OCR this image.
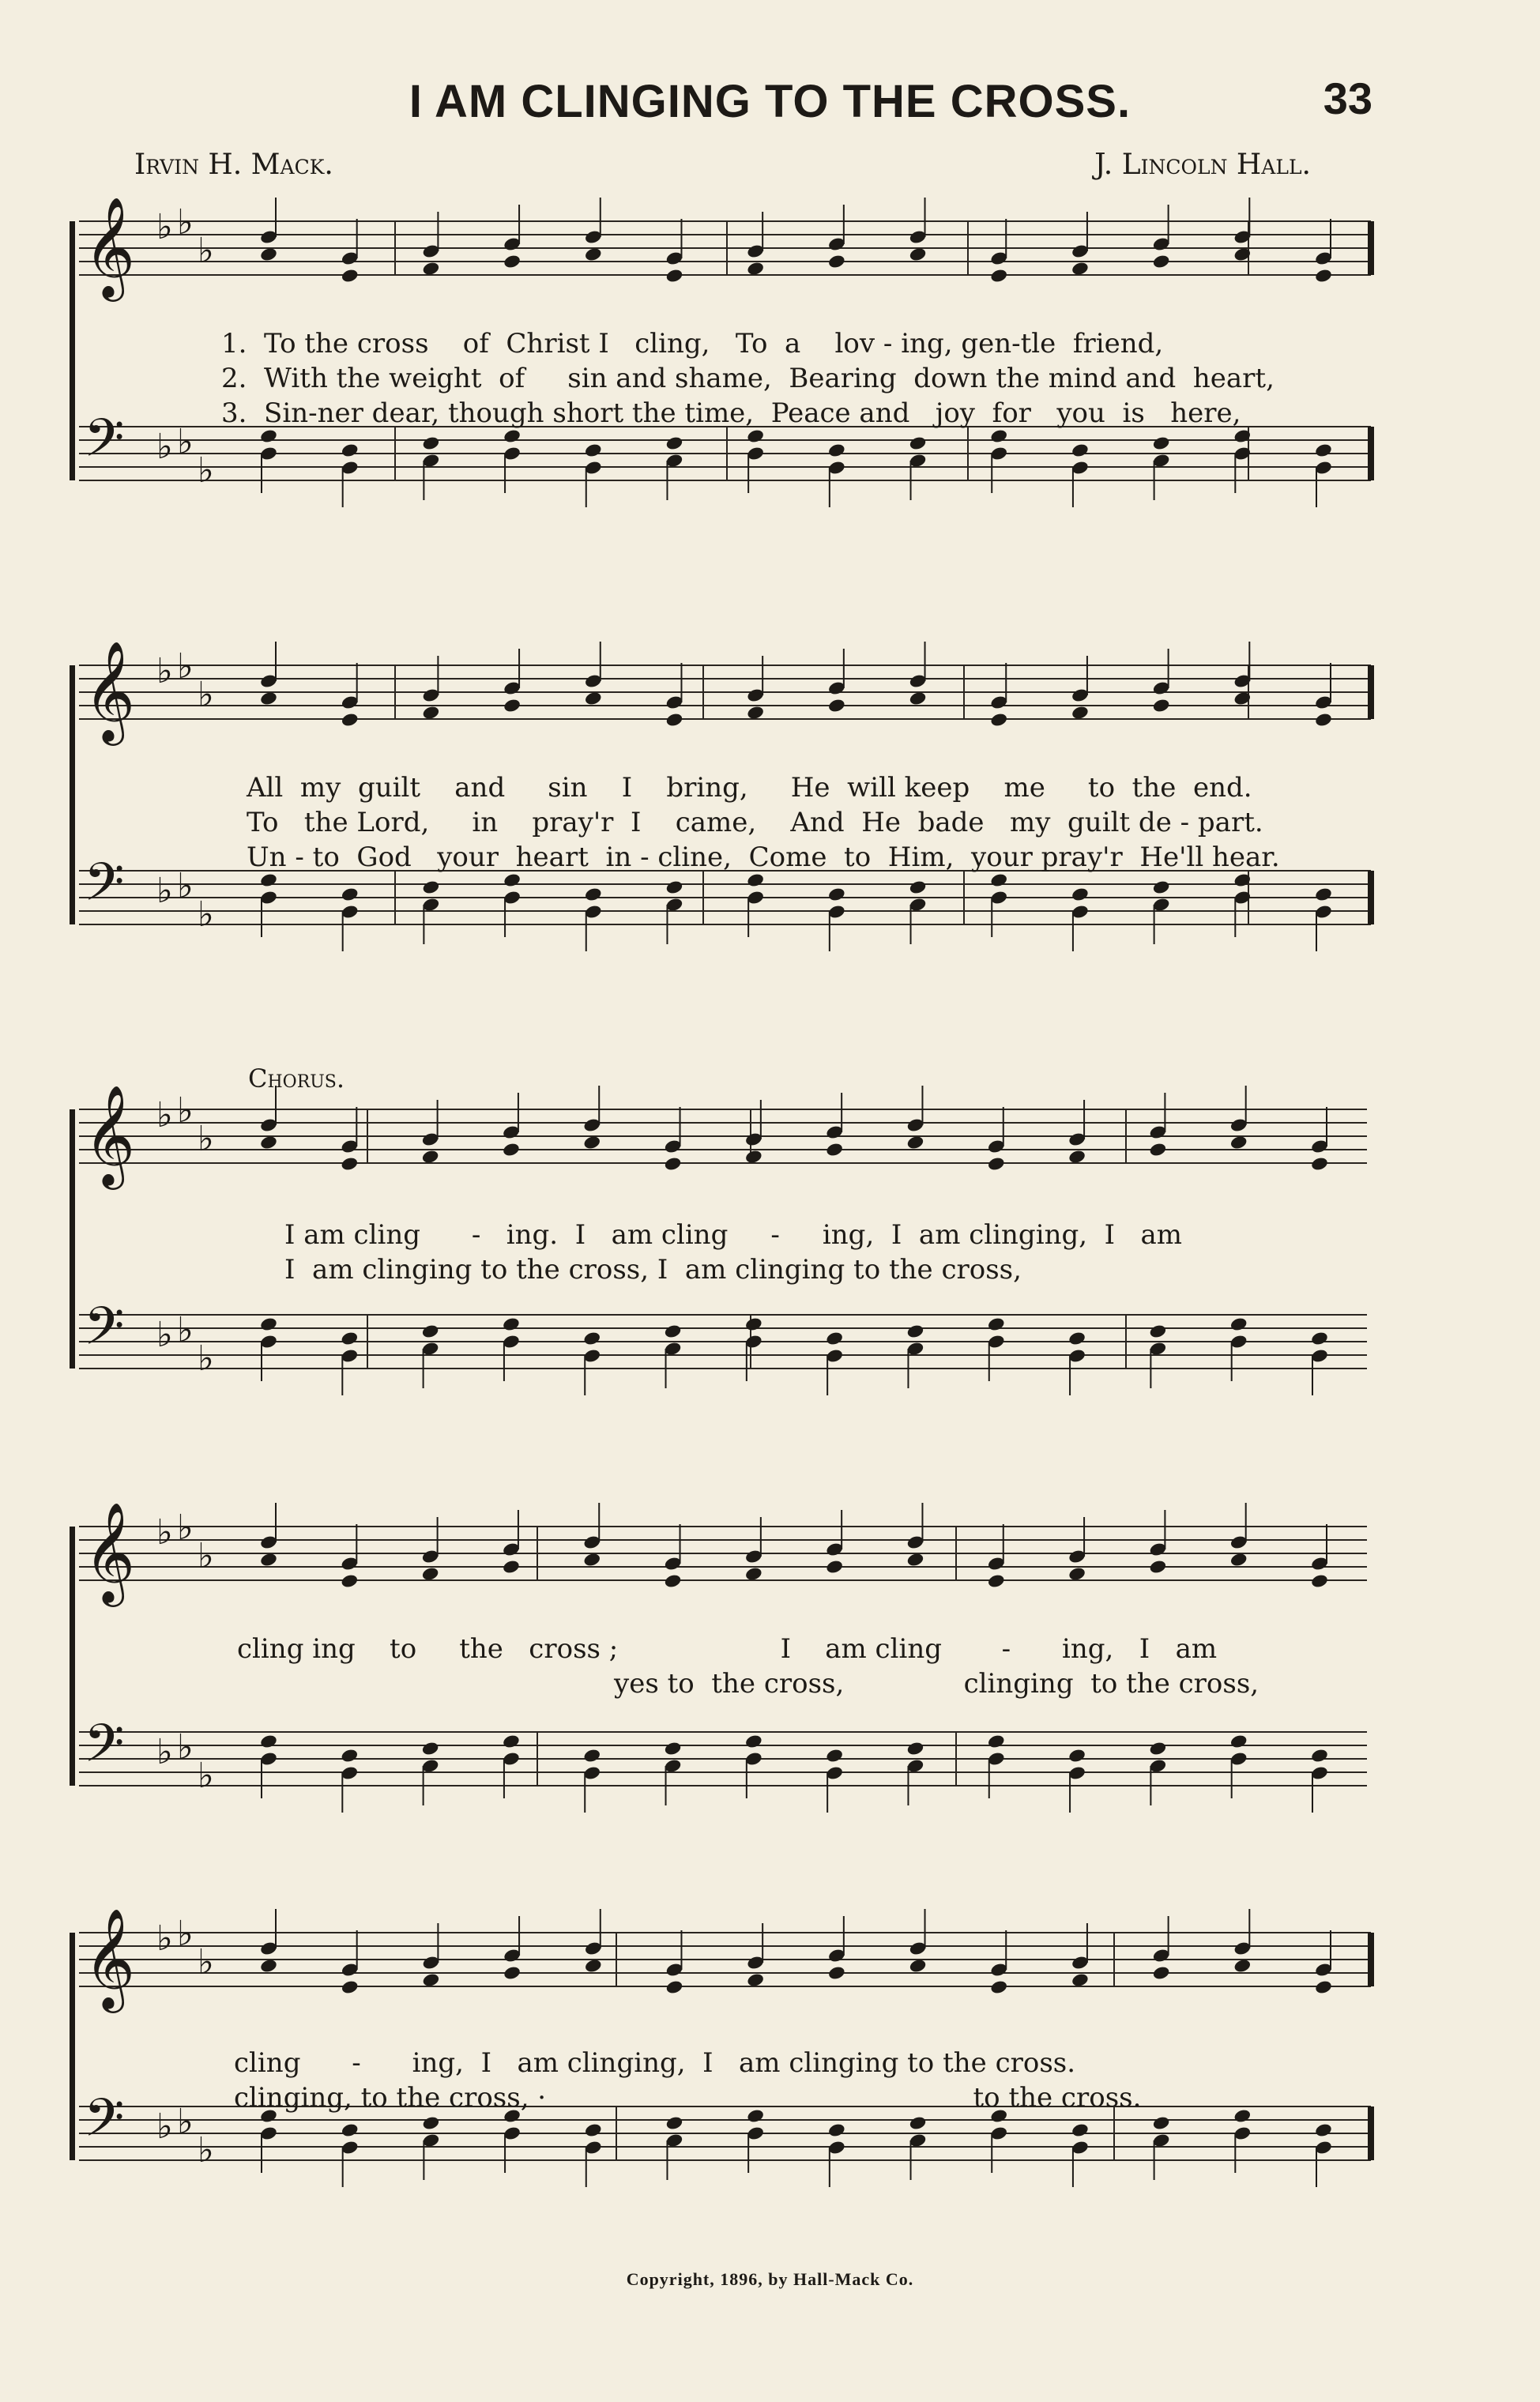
I AM CLINGING TO THE CROSS.	33
Irvin H. Mack.	J. Lincoln Hall.
𝄞
𝄢
♭
♭
♭
♭
♭
♭
1.  To the cross    of  Christ I   cling,   To  a    lov - ing, gen-tle  friend,
2.  With the weight  of     sin and shame,  Bearing  down the mind and  heart,
3.  Sin-ner dear, though short the time,  Peace and   joy  for   you  is   here,
𝄞
𝄢
♭
♭
♭
♭
♭
♭
All  my  guilt    and     sin    I    bring,     He  will keep    me     to  the  end.
To   the Lord,     in    pray'r  I    came,    And  He  bade   my  guilt de - part.
Un - to  God   your  heart  in - cline,  Come  to  Him,  your pray'r  He'll hear.
Chorus.
𝄞
𝄢
♭
♭
♭
♭
♭
♭
I am cling      -   ing.  I   am cling     -     ing,  I  am clinging,  I   am
I  am clinging to the cross, I  am clinging to the cross,
𝄞
𝄢
♭
♭
♭
♭
♭
♭
cling ing    to     the   cross ;                   I    am cling       -      ing,   I   am
yes to  the cross,              clinging  to the cross,
𝄞
𝄢
♭
♭
♭
♭
♭
♭
cling      -      ing,  I   am clinging,  I   am clinging to the cross.
clinging, to the cross, ·                                                  to the cross.
Copyright, 1896, by Hall-Mack Co.
